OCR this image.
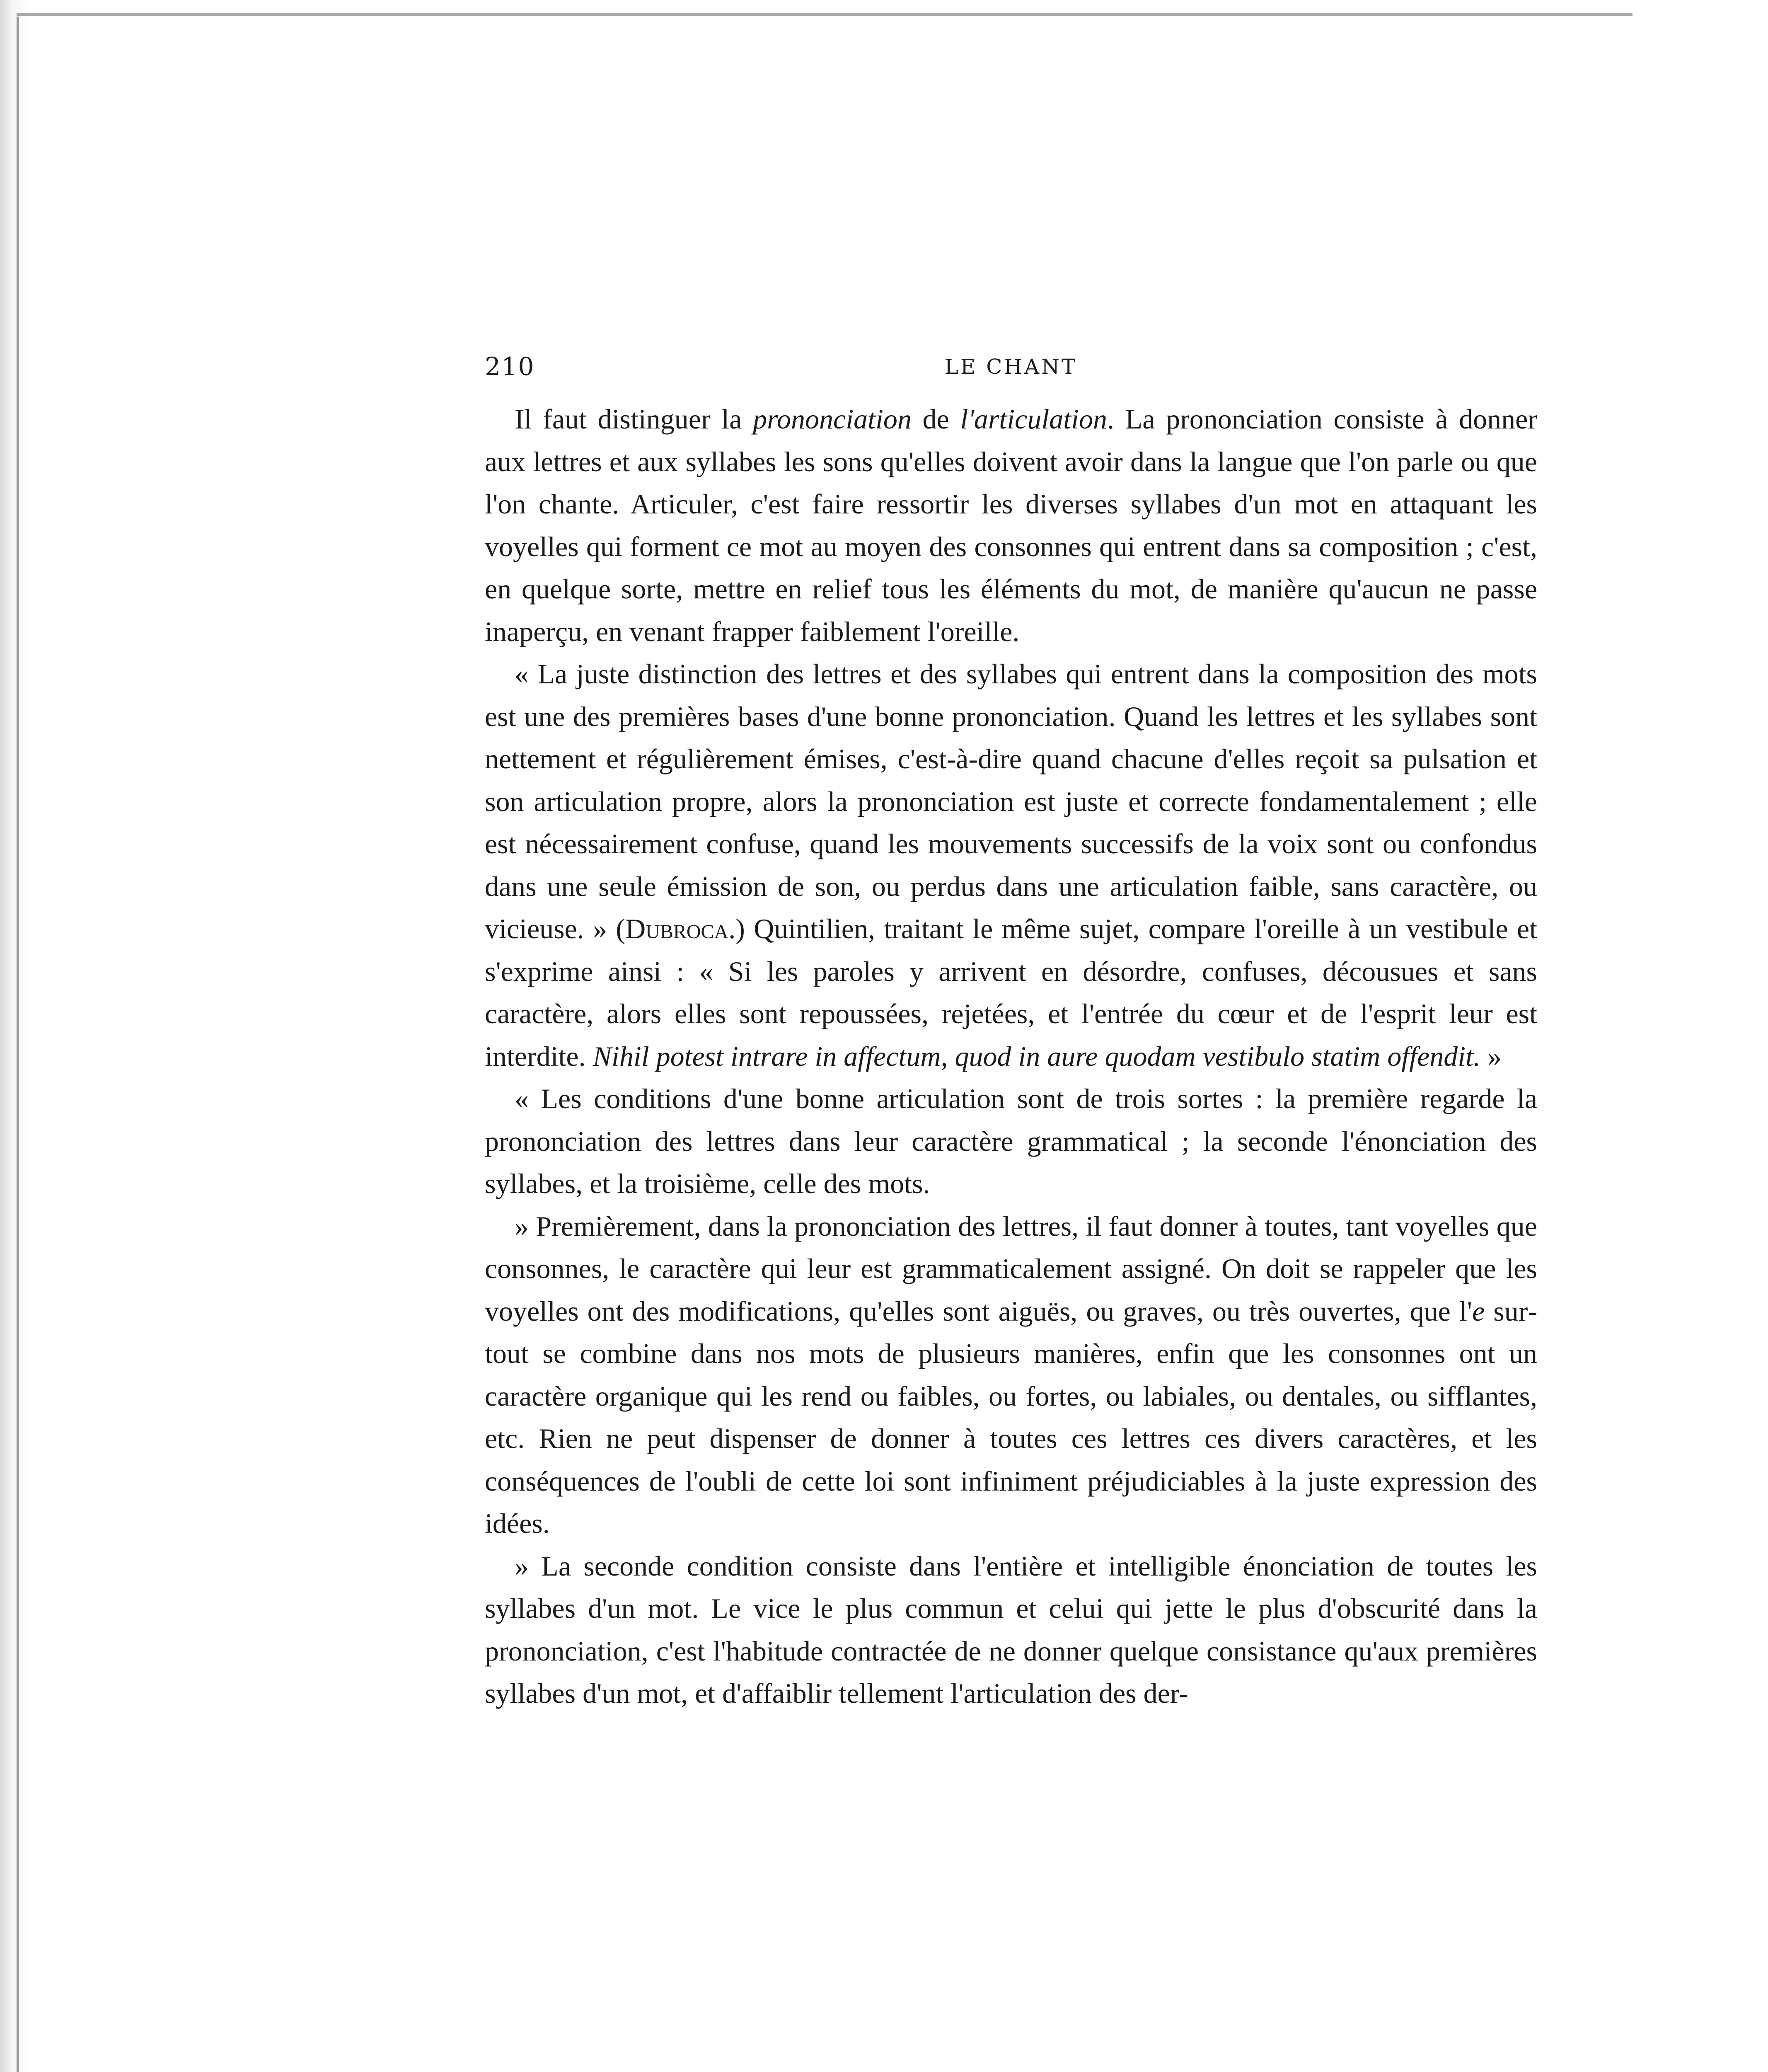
210	LE CHANT

Il faut distinguer la prononciation de l'articulation. La prononciation consiste à donner aux lettres et aux syllabes les sons qu'elles doivent avoir dans la langue que l'on parle ou que l'on chante. Articuler, c'est faire ressortir les diverses syllabes d'un mot en attaquant les voyelles qui forment ce mot au moyen des consonnes qui entrent dans sa composition ; c'est, en quelque sorte, mettre en relief tous les éléments du mot, de manière qu'aucun ne passe inaperçu, en venant frapper faiblement l'oreille.

« La juste distinction des lettres et des syllabes qui entrent dans la composition des mots est une des premières bases d'une bonne prononciation. Quand les lettres et les syllabes sont nettement et régulièrement émises, c'est-à-dire quand chacune d'elles reçoit sa pulsation et son articulation propre, alors la prononciation est juste et correcte fondamentalement ; elle est nécessairement confuse, quand les mouvements successifs de la voix sont ou confondus dans une seule émission de son, ou perdus dans une articulation faible, sans caractère, ou vicieuse. » (Dubroca.) Quintilien, traitant le même sujet, compare l'oreille à un vestibule et s'exprime ainsi : « Si les paroles y arrivent en désordre, confuses, décousues et sans caractère, alors elles sont repoussées, rejetées, et l'entrée du cœur et de l'esprit leur est interdite. Nihil potest intrare in affectum, quod in aure quodam vestibulo statim offendit. »

« Les conditions d'une bonne articulation sont de trois sortes : la première regarde la prononciation des lettres dans leur caractère grammatical ; la seconde l'énonciation des syllabes, et la troisième, celle des mots.

» Premièrement, dans la prononciation des lettres, il faut donner à toutes, tant voyelles que consonnes, le caractère qui leur est grammaticalement assigné. On doit se rappeler que les voyelles ont des modifications, qu'elles sont aiguës, ou graves, ou très ouvertes, que l'e surtout se combine dans nos mots de plusieurs manières, enfin que les consonnes ont un caractère organique qui les rend ou faibles, ou fortes, ou labiales, ou dentales, ou sifflantes, etc. Rien ne peut dispenser de donner à toutes ces lettres ces divers caractères, et les conséquences de l'oubli de cette loi sont infiniment préjudiciables à la juste expression des idées.

» La seconde condition consiste dans l'entière et intelligible énonciation de toutes les syllabes d'un mot. Le vice le plus commun et celui qui jette le plus d'obscurité dans la prononciation, c'est l'habitude contractée de ne donner quelque consistance qu'aux premières syllabes d'un mot, et d'affaiblir tellement l'articulation des der-
